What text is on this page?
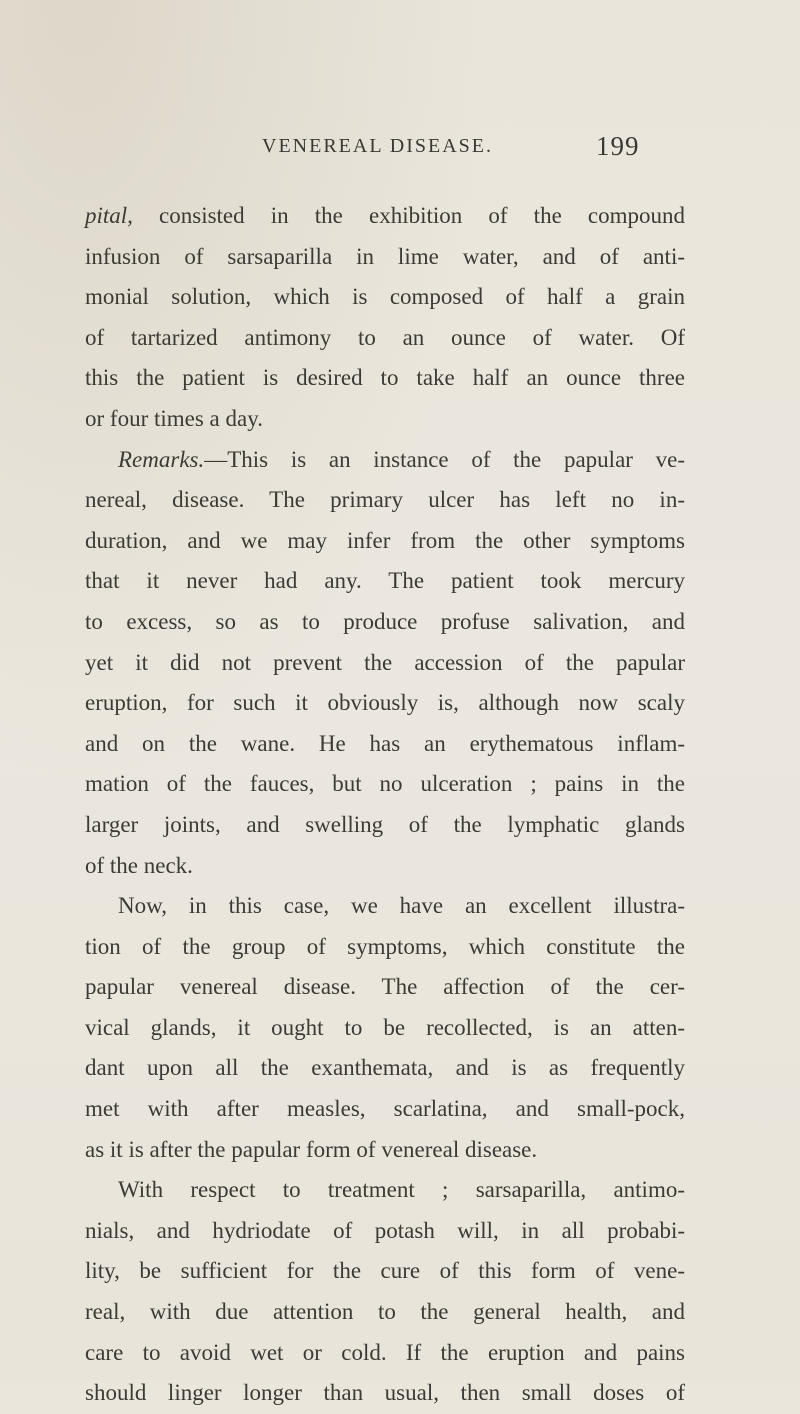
VENEREAL DISEASE.	199
pital, consisted in the exhibition of the compound
infusion of sarsaparilla in lime water, and of anti-
monial solution, which is composed of half a grain
of tartarized antimony to an ounce of water. Of
this the patient is desired to take half an ounce three
or four times a day.
Remarks.—This is an instance of the papular ve-
nereal, disease. The primary ulcer has left no in-
duration, and we may infer from the other symptoms
that it never had any. The patient took mercury
to excess, so as to produce profuse salivation, and
yet it did not prevent the accession of the papular
eruption, for such it obviously is, although now scaly
and on the wane. He has an erythematous inflam-
mation of the fauces, but no ulceration ; pains in the
larger joints, and swelling of the lymphatic glands
of the neck.
Now, in this case, we have an excellent illustra-
tion of the group of symptoms, which constitute the
papular venereal disease. The affection of the cer-
vical glands, it ought to be recollected, is an atten-
dant upon all the exanthemata, and is as frequently
met with after measles, scarlatina, and small-pock,
as it is after the papular form of venereal disease.
With respect to treatment ; sarsaparilla, antimo-
nials, and hydriodate of potash will, in all probabi-
lity, be sufficient for the cure of this form of vene-
real, with due attention to the general health, and
care to avoid wet or cold. If the eruption and pains
should linger longer than usual, then small doses of
